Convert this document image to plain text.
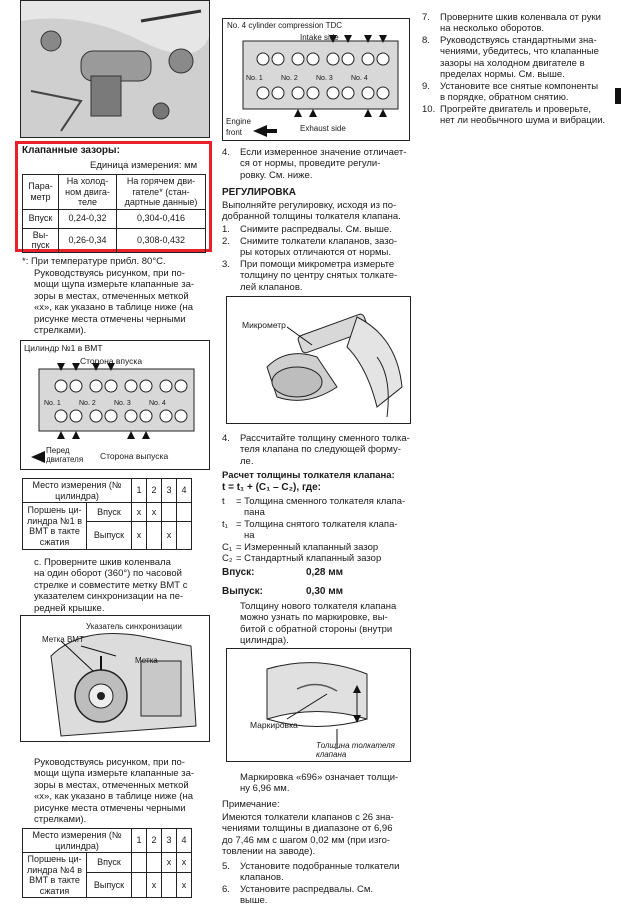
Клапанные зазоры:
Единица измерения: мм
Пара-метр	На холод-ном двига-теле	На горячем дви-гателе* (стан-дартные данные)
Впуск	0,24-0,32	0,304-0,416
Вы-пуск	0,26-0,34	0,308-0,432
*: При температуре прибл. 80°С.
Руководствуясь рисунком, при по-
мощи щупа измерьте клапанные за-
зоры в местах, отмеченных меткой
«x», как указано в таблице ниже (на
рисунке места отмечены черными
стрелками).
Цилиндр №1 в ВМТ
Сторона впуска
No. 1	No. 2	No. 3	No. 4
Перед двигателя	Сторона выпуска
Место измерения (№ цилиндра)		1	2	3	4
Поршень ци-линдра №1 в ВМТ в такте сжатия	Впуск	x	x		
	Выпуск	x		x	
с. Проверните шкив коленвала
на один оборот (360°) по часовой
стрелке и совместите метку ВМТ с
указателем синхронизации на пе-
редней крышке.
Указатель синхронизации
Метка ВМТ
Метка
Руководствуясь рисунком, при по-
мощи щупа измерьте клапанные за-
зоры в местах, отмеченных меткой
«x», как указано в таблице ниже (на
рисунке места отмечены черными
стрелками).
Место измерения (№ цилиндра)		1	2	3	4
Поршень ци-линдра №4 в ВМТ в такте сжатия	Впуск			x	x
	Выпуск		x		x
No. 4 cylinder compression TDC
Intake side
No. 1	No. 2	No. 3	No. 4
Engine
front	Exhaust side
4. Если измеренное значение отличает-
ся от нормы, проведите регули-
ровку. См. ниже.
РЕГУЛИРОВКА
Выполняйте регулировку, исходя из по-
добранной толщины толкателя клапана.
1. Снимите распредвалы. См. выше.
2. Снимите толкатели клапанов, зазо-
ры которых отличаются от нормы.
3. При помощи микрометра измерьте
толщину по центру снятых толкате-
лей клапанов.
Микрометр
4. Рассчитайте толщину сменного толка-
теля клапана по следующей форму-
ле.
Расчет толщины толкателя клапана:
t = t₁ + (C₁ – C₂), где:
t = Толщина сменного толкателя клапа-
пана
t₁ = Толщина снятого толкателя клапа-
на
C₁ = Измеренный клапанный зазор
C₂ = Стандартный клапанный зазор
Впуск:	0,28 мм
Выпуск:	0,30 мм
Толщину нового толкателя клапана
можно узнать по маркировке, вы-
битой с обратной стороны (внутри
цилиндра).
Маркировка
Толщина толкателя клапана
Маркировка «696» означает толщи-
ну 6,96 мм.
Примечание:
Имеются толкатели клапанов с 26 зна-
чениями толщины в диапазоне от 6,96
до 7,46 мм с шагом 0,02 мм (при изго-
товлении на заводе).
5. Установите подобранные толкатели
клапанов.
6. Установите распредвалы. См.
выше.
7. Проверните шкив коленвала от руки
на несколько оборотов.
8. Руководствуясь стандартными зна-
чениями, убедитесь, что клапанные
зазоры на холодном двигателе в
пределах нормы. См. выше.
9. Установите все снятые компоненты
в порядке, обратном снятию.
10. Прогрейте двигатель и проверьте,
нет ли необычного шума и вибрации.
